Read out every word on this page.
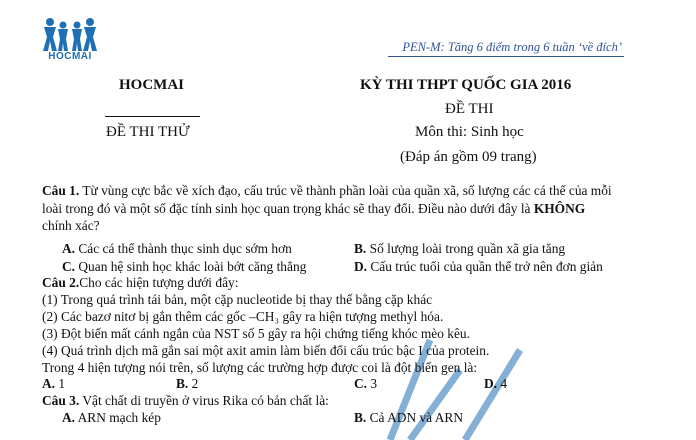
HOCMAI
PEN-M: Tăng 6 điểm trong 6 tuần ‘về đích’
HOCMAI
ĐỀ THI THỬ
KỲ THI THPT QUỐC GIA 2016
ĐỀ THI
Môn thi: Sinh học
(Đáp án gồm 09 trang)
Câu 1. Từ vùng cực bắc về xích đạo, cấu trúc về thành phần loài của quần xã, số lượng các cá thể của mỗi
loài trong đó và một số đặc tính sinh học quan trọng khác sẽ thay đổi. Điều nào dưới đây là KHÔNG
chính xác?
A. Các cá thể thành thục sinh dục sớm hơn	B. Số lượng loài trong quần xã gia tăng
C. Quan hệ sinh học khác loài bớt căng thẳng	D. Cấu trúc tuổi của quần thể trở nên đơn giản
Câu 2.Cho các hiện tượng dưới đây:
(1) Trong quá trình tái bản, một cặp nucleotide bị thay thế bằng cặp khác
(2) Các bazơ nitơ bị gắn thêm các gốc –CH₃ gây ra hiện tượng methyl hóa.
(3) Đột biến mất cánh ngắn của NST số 5 gây ra hội chứng tiếng khóc mèo kêu.
(4) Quá trình dịch mã gắn sai một axit amin làm biến đổi cấu trúc bậc I của protein.
Trong 4 hiện tượng nói trên, số lượng các trường hợp được coi là đột biến gen là:
A. 1	B. 2	C. 3	D. 4
Câu 3. Vật chất di truyền ở virus Rika có bản chất là:
A. ARN mạch kép	B. Cả ADN và ARN
